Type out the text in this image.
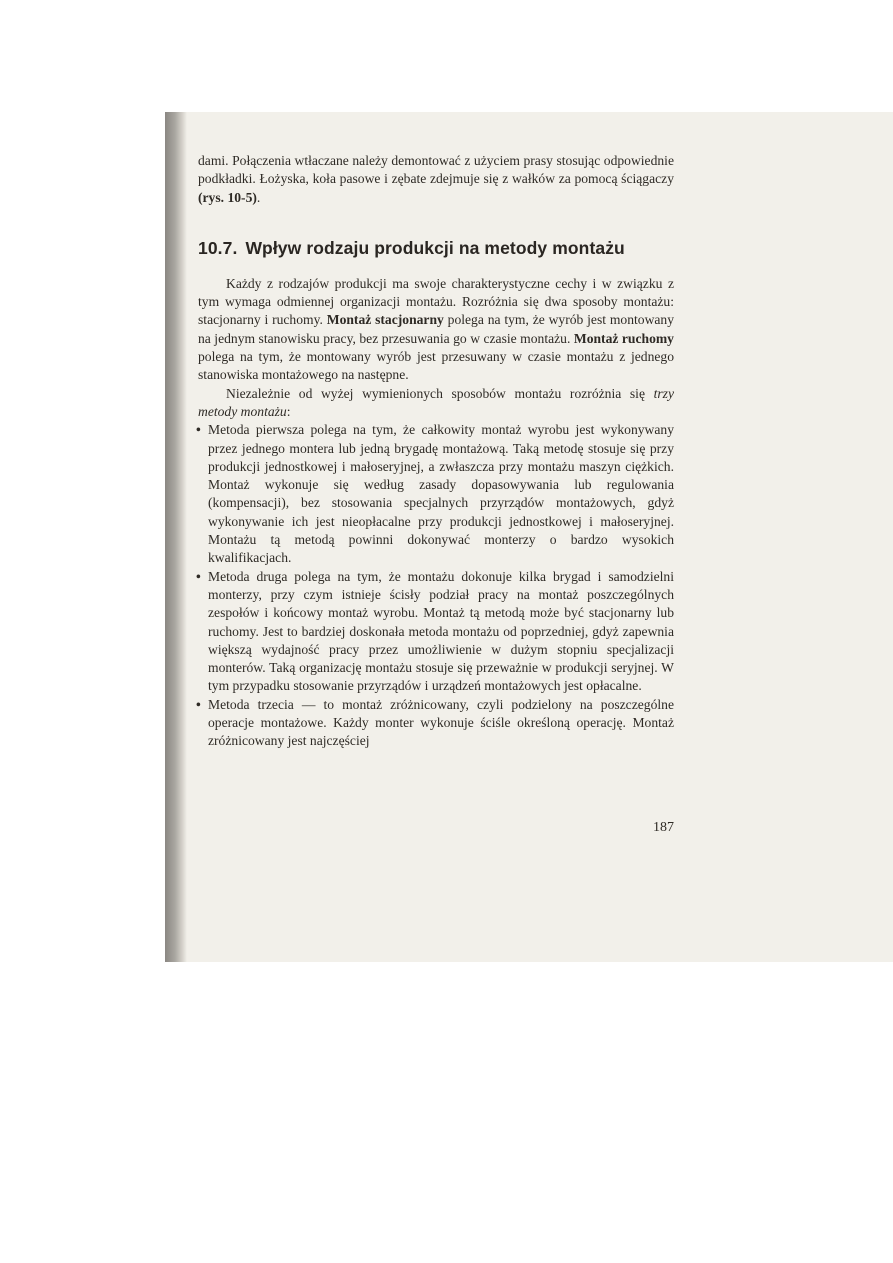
dami. Połączenia wtłaczane należy demontować z użyciem prasy stosując odpowiednie podkładki. Łożyska, koła pasowe i zębate zdejmuje się z wałków za pomocą ściągaczy (rys. 10-5).

10.7. Wpływ rodzaju produkcji na metody montażu

Każdy z rodzajów produkcji ma swoje charakterystyczne cechy i w związku z tym wymaga odmiennej organizacji montażu. Rozróżnia się dwa sposoby montażu: stacjonarny i ruchomy. Montaż stacjonarny polega na tym, że wyrób jest montowany na jednym stanowisku pracy, bez przesuwania go w czasie montażu. Montaż ruchomy polega na tym, że montowany wyrób jest przesuwany w czasie montażu z jednego stanowiska montażowego na następne.

Niezależnie od wyżej wymienionych sposobów montażu rozróżnia się trzy metody montażu:

• Metoda pierwsza polega na tym, że całkowity montaż wyrobu jest wykonywany przez jednego montera lub jedną brygadę montażową. Taką metodę stosuje się przy produkcji jednostkowej i małoseryjnej, a zwłaszcza przy montażu maszyn ciężkich. Montaż wykonuje się według zasady dopasowywania lub regulowania (kompensacji), bez stosowania specjalnych przyrządów montażowych, gdyż wykonywanie ich jest nieopłacalne przy produkcji jednostkowej i małoseryjnej. Montażu tą metodą powinni dokonywać monterzy o bardzo wysokich kwalifikacjach.
• Metoda druga polega na tym, że montażu dokonuje kilka brygad i samodzielni monterzy, przy czym istnieje ścisły podział pracy na montaż poszczególnych zespołów i końcowy montaż wyrobu. Montaż tą metodą może być stacjonarny lub ruchomy. Jest to bardziej doskonała metoda montażu od poprzedniej, gdyż zapewnia większą wydajność pracy przez umożliwienie w dużym stopniu specjalizacji monterów. Taką organizację montażu stosuje się przeważnie w produkcji seryjnej. W tym przypadku stosowanie przyrządów i urządzeń montażowych jest opłacalne.
• Metoda trzecia — to montaż zróżnicowany, czyli podzielony na poszczególne operacje montażowe. Każdy monter wykonuje ściśle określoną operację. Montaż zróżnicowany jest najczęściej
187
